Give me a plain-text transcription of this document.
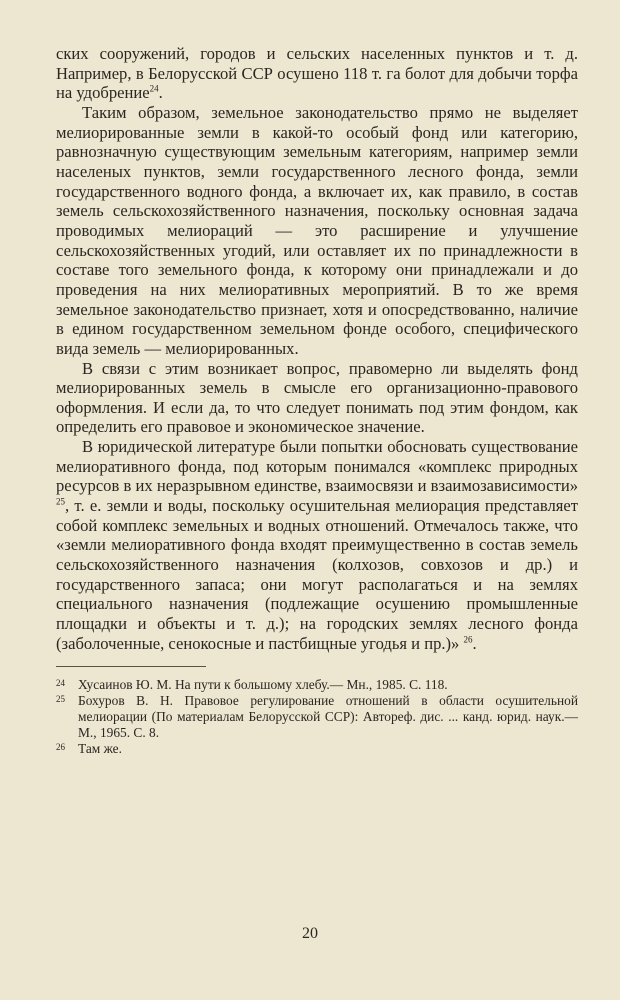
ских сооружений, городов и сельских населенных пунктов и т. д. Например, в Белорусской ССР осушено 118 т. га болот для добычи торфа на удобрение$^{24}$.

Таким образом, земельное законодательство прямо не выделяет мелиорированные земли в какой-то особый фонд или категорию, равнозначную существующим земельным категориям, например земли населеных пунктов, земли государственного лесного фонда, земли государственного водного фонда, а включает их, как правило, в состав земель сельскохозяйственного назначения, поскольку основная задача проводимых мелиораций — это расширение и улучшение сельскохозяйственных угодий, или оставляет их по принадлежности в составе того земельного фонда, к которому они принадлежали и до проведения на них мелиоративных мероприятий. В то же время земельное законодательство признает, хотя и опосредствованно, наличие в едином государственном земельном фонде особого, специфического вида земель — мелиорированных.

В связи с этим возникает вопрос, правомерно ли выделять фонд мелиорированных земель в смысле его организационно-правового оформления. И если да, то что следует понимать под этим фондом, как определить его правовое и экономическое значение.

В юридической литературе были попытки обосновать существование мелиоративного фонда, под которым понимался «комплекс природных ресурсов в их неразрывном единстве, взаимосвязи и взаимозависимости» $^{25}$, т. е. земли и воды, поскольку осушительная мелиорация представляет собой комплекс земельных и водных отношений. Отмечалось также, что «земли мелиоративного фонда входят преимущественно в состав земель сельскохозяйственного назначения (колхозов, совхозов и др.) и государственного запаса; они могут располагаться и на землях специального назначения (подлежащие осушению промышленные площадки и объекты и т. д.); на городских землях лесного фонда (заболоченные, сенокосные и пастбищные угодья и пр.)» $^{26}$.

24 Хусаинов Ю. М. На пути к большому хлебу.— Мн., 1985. С. 118.
25 Бохуров В. Н. Правовое регулирование отношений в области осушительной мелиорации (По материалам Белорусской ССР): Автореф. дис. ... канд. юрид. наук.— М., 1965. С. 8.
26 Там же.
20
